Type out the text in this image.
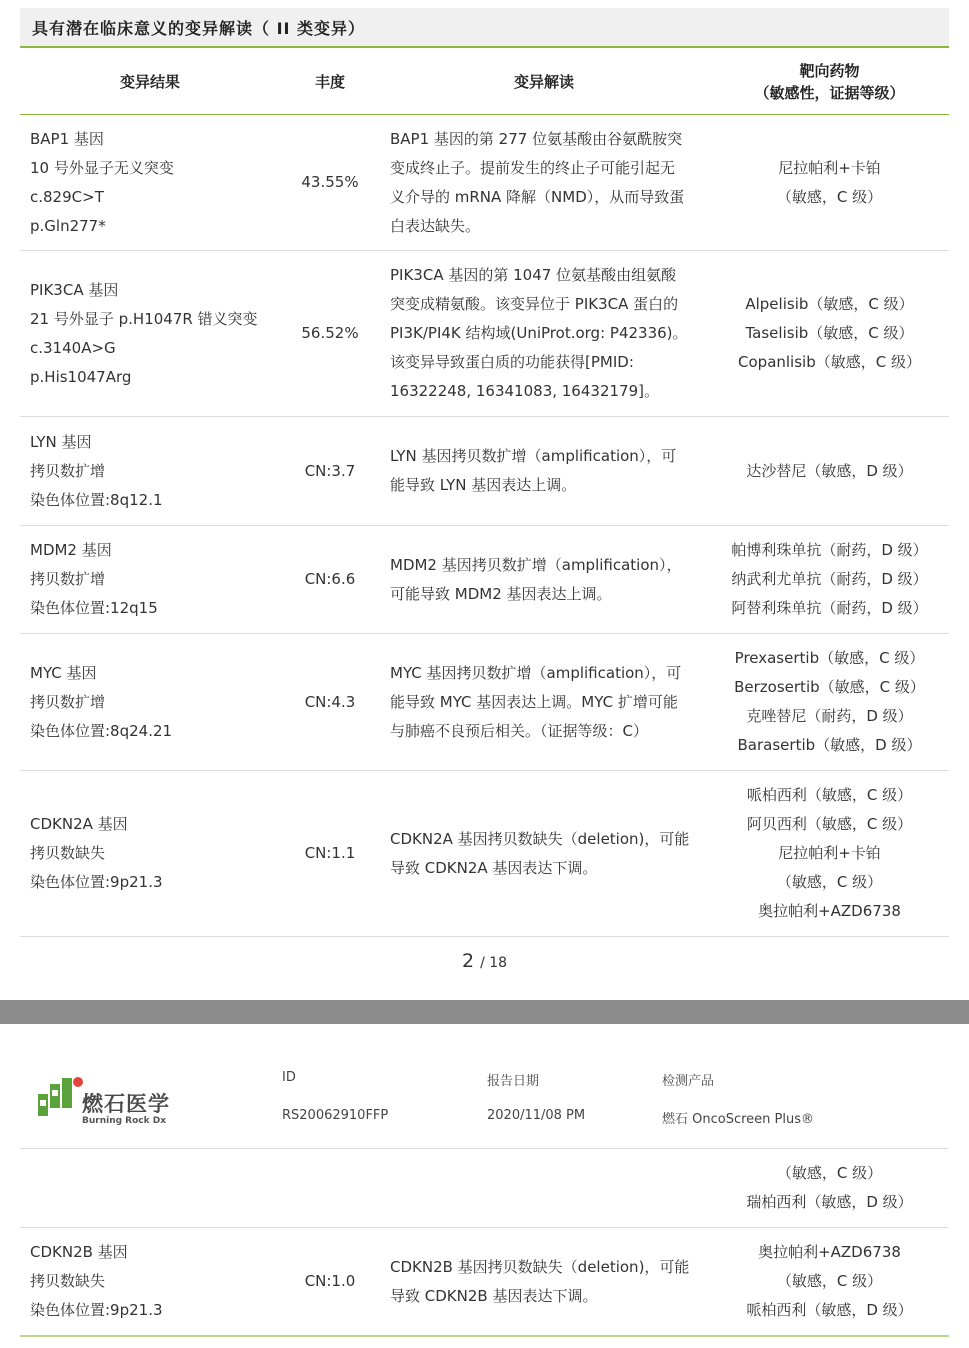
具有潜在临床意义的变异解读（ II 类变异）
变异结果	丰度	变异解读
靶向药物
（敏感性，证据等级）
BAP1 基因
10 号外显子无义突变
c.829C>T
p.Gln277*
43.55%
BAP1 基因的第 277 位氨基酸由谷氨酰胺突
变成终止子。提前发生的终止子可能引起无
义介导的 mRNA 降解（NMD），从而导致蛋
白表达缺失。
尼拉帕利+卡铂
（敏感，C 级）
PIK3CA 基因
21 号外显子 p.H1047R 错义突变
c.3140A>G
p.His1047Arg
56.52%
PIK3CA 基因的第 1047 位氨基酸由组氨酸
突变成精氨酸。该变异位于 PIK3CA 蛋白的
PI3K/PI4K 结构域(UniProt.org: P42336)。
该变异导致蛋白质的功能获得[PMID:
16322248, 16341083, 16432179]。
Alpelisib（敏感，C 级）
Taselisib（敏感，C 级）
Copanlisib（敏感，C 级）
LYN 基因
拷贝数扩增
染色体位置:8q12.1
CN:3.7
LYN 基因拷贝数扩增（amplification），可
能导致 LYN 基因表达上调。
达沙替尼（敏感，D 级）
MDM2 基因
拷贝数扩增
染色体位置:12q15
CN:6.6
MDM2 基因拷贝数扩增（amplification），
可能导致 MDM2 基因表达上调。
帕博利珠单抗（耐药，D 级）
纳武利尤单抗（耐药，D 级）
阿替利珠单抗（耐药，D 级）
MYC 基因
拷贝数扩增
染色体位置:8q24.21
CN:4.3
MYC 基因拷贝数扩增（amplification），可
能导致 MYC 基因表达上调。MYC 扩增可能
与肺癌不良预后相关。（证据等级：C）
Prexasertib（敏感，C 级）
Berzosertib（敏感，C 级）
克唑替尼（耐药，D 级）
Barasertib（敏感，D 级）
CDKN2A 基因
拷贝数缺失
染色体位置:9p21.3
CN:1.1
CDKN2A 基因拷贝数缺失（deletion)，可能
导致 CDKN2A 基因表达下调。
哌柏西利（敏感，C 级）
阿贝西利（敏感，C 级）
尼拉帕利+卡铂
（敏感，C 级）
奥拉帕利+AZD6738
2 / 18
燃石医学
Burning Rock Dx
ID
RS20062910FFP
报告日期
2020/11/08 PM
检测产品
燃石 OncoScreen Plus®
（敏感，C 级）
瑞柏西利（敏感，D 级）
CDKN2B 基因
拷贝数缺失
染色体位置:9p21.3
CN:1.0
CDKN2B 基因拷贝数缺失（deletion)，可能
导致 CDKN2B 基因表达下调。
奥拉帕利+AZD6738
（敏感，C 级）
哌柏西利（敏感，D 级）
